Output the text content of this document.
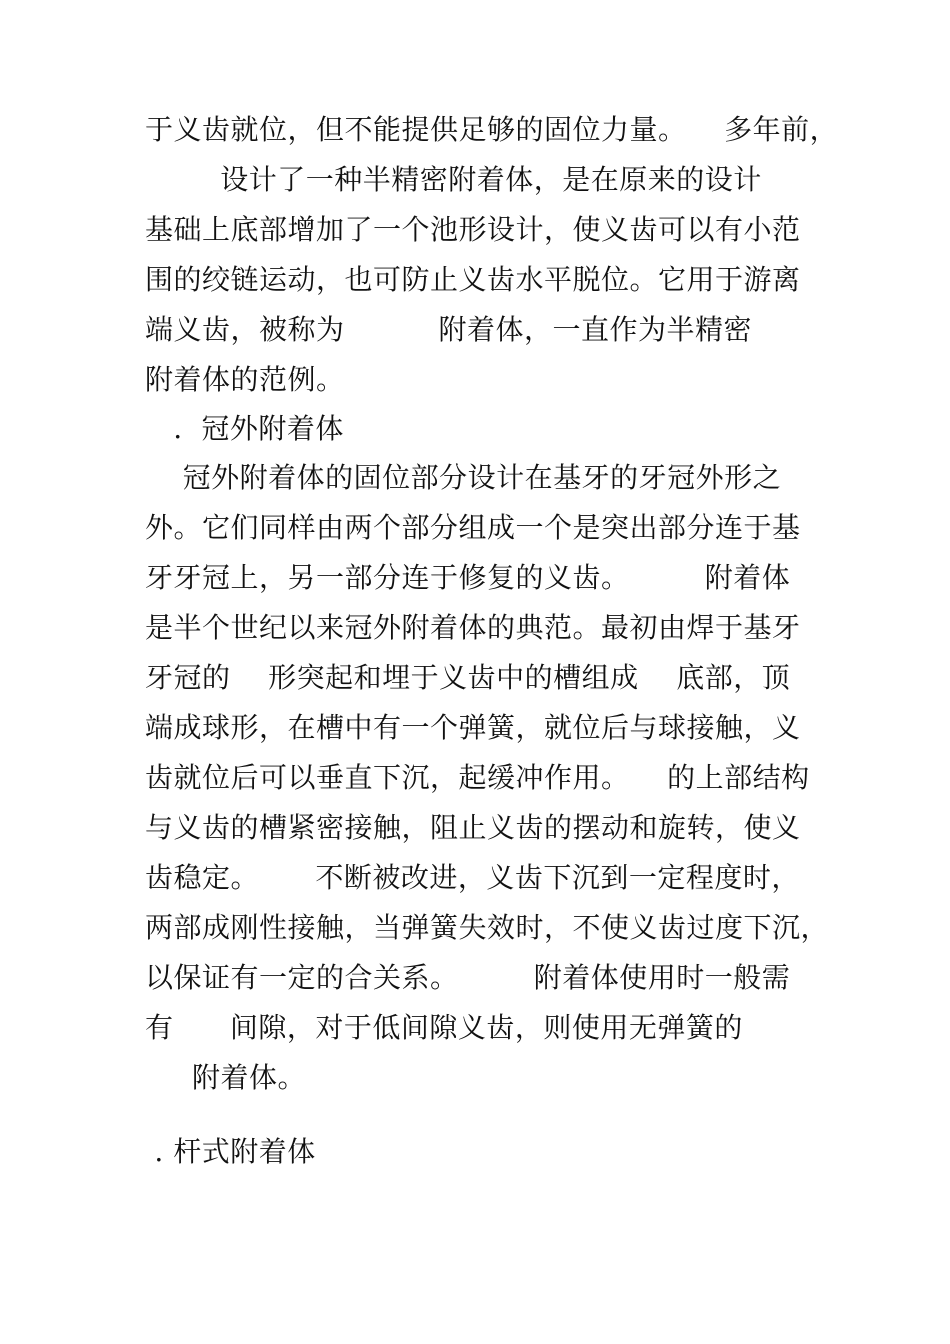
于义齿就位，但不能提供足够的固位力量。    多年前，
设计了一种半精密附着体，是在原来的设计
基础上底部增加了一个池形设计，使义齿可以有小范
围的绞链运动，也可防止义齿水平脱位。它用于游离
端义齿，被称为          附着体，一直作为半精密
附着体的范例。
.  冠外附着体
冠外附着体的固位部分设计在基牙的牙冠外形之
外。它们同样由两个部分组成一个是突出部分连于基
牙牙冠上，另一部分连于修复的义齿。        附着体
是半个世纪以来冠外附着体的典范。最初由焊于基牙
牙冠的    形突起和埋于义齿中的槽组成    底部，顶
端成球形，在槽中有一个弹簧，就位后与球接触，义
齿就位后可以垂直下沉，起缓冲作用。    的上部结构
与义齿的槽紧密接触，阻止义齿的摆动和旋转，使义
齿稳定。      不断被改进，义齿下沉到一定程度时，
两部成刚性接触，当弹簧失效时，不使义齿过度下沉，
以保证有一定的合关系。        附着体使用时一般需
有      间隙，对于低间隙义齿，则使用无弹簧的
附着体。
. 杆式附着体
